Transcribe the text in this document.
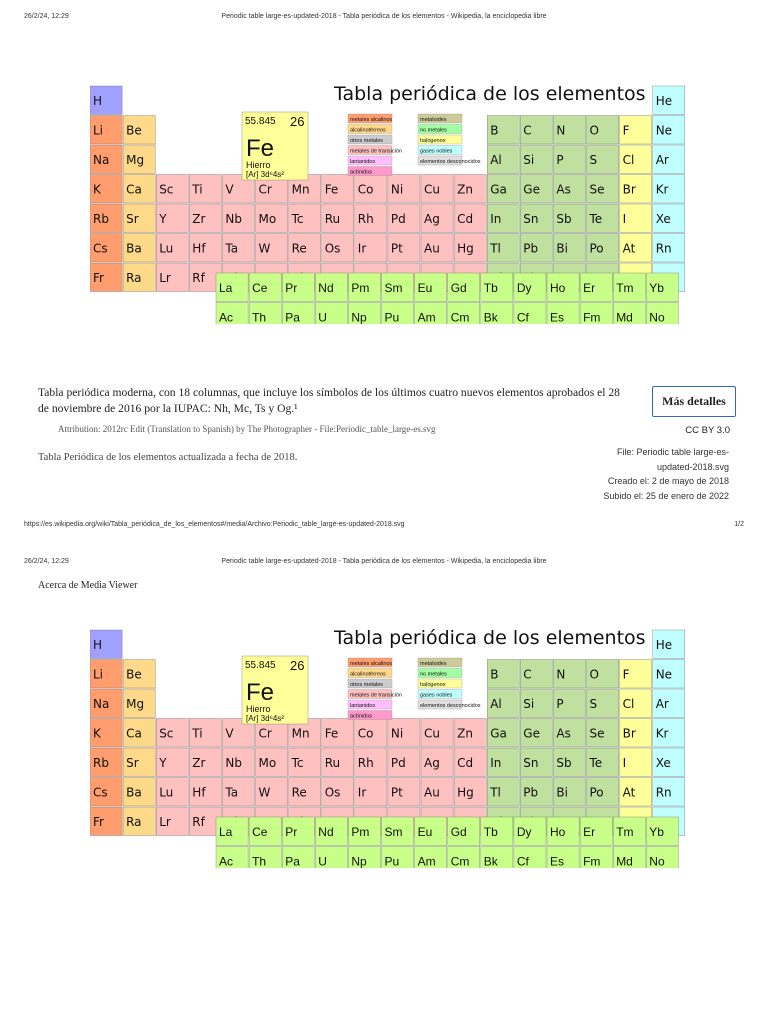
26/2/24, 12:29	Periodic table large-es-updated-2018 - Tabla periódica de los elementos - Wikipedia, la enciclopedia libre
H	He
Li Be	B C N O F Ne
Na Mg	Al Si P S Cl Ar
K Ca Sc Ti V Cr Mn Fe Co Ni Cu Zn Ga Ge As Se Br Kr
Rb Sr Y Zr Nb Mo Tc Ru Rh Pd Ag Cd In Sn Sb Te I Xe
Cs Ba Lu Hf Ta W Re Os Ir Pt Au Hg Tl Pb Bi Po At Rn
Fr Ra Lr Rf
55.845 26
Fe
Hierro
[Ar] 3d⁶4s²
metales alcalinos
alcalinotérreos
otros metales
metales de transición
lantanidos
actínidos
metaloides
no metales
halógenos
gases nobles
elementos desconocidos
La Ce Pr Nd Pm Sm Eu Gd Tb Dy Ho Er Tm Yb
Ac Th Pa U Np Pu Am Cm Bk Cf Es Fm Md No
Tabla periódica de los elementos
Tabla periódica moderna, con 18 columnas, que incluye los símbolos de los últimos cuatro nuevos elementos aprobados el 28 de noviembre de 2016 por la IUPAC: Nh, Mc, Ts y Og.¹
Más detalles
Attribution: 2012rc Edit (Translation to Spanish) by The Photographer - File:Periodic_table_large-es.svg	CC BY 3.0
Tabla Periódica de los elementos actualizada a fecha de 2018.	File: Periodic table large-es-updated-2018.svg
Creado el: 2 de mayo de 2018
Subido el: 25 de enero de 2022
https://es.wikipedia.org/wiki/Tabla_periódica_de_los_elementos#/media/Archivo:Periodic_table_large-es-updated-2018.svg	1/2
26/2/24, 12:29	Periodic table large-es-updated-2018 - Tabla periódica de los elementos - Wikipedia, la enciclopedia libre
Acerca de Media Viewer
H	He
Li Be	B C N O F Ne
Na Mg	Al Si P S Cl Ar
K Ca Sc Ti V Cr Mn Fe Co Ni Cu Zn Ga Ge As Se Br Kr
Rb Sr Y Zr Nb Mo Tc Ru Rh Pd Ag Cd In Sn Sb Te I Xe
Cs Ba Lu Hf Ta W Re Os Ir Pt Au Hg Tl Pb Bi Po At Rn
Fr Ra Lr Rf
55.845 26
Fe
Hierro
[Ar] 3d⁶4s²
metales alcalinos
alcalinotérreos
otros metales
metales de transición
lantanidos
actínidos
metaloides
no metales
halógenos
gases nobles
elementos desconocidos
La Ce Pr Nd Pm Sm Eu Gd Tb Dy Ho Er Tm Yb
Ac Th Pa U Np Pu Am Cm Bk Cf Es Fm Md No
Tabla periódica de los elementos
